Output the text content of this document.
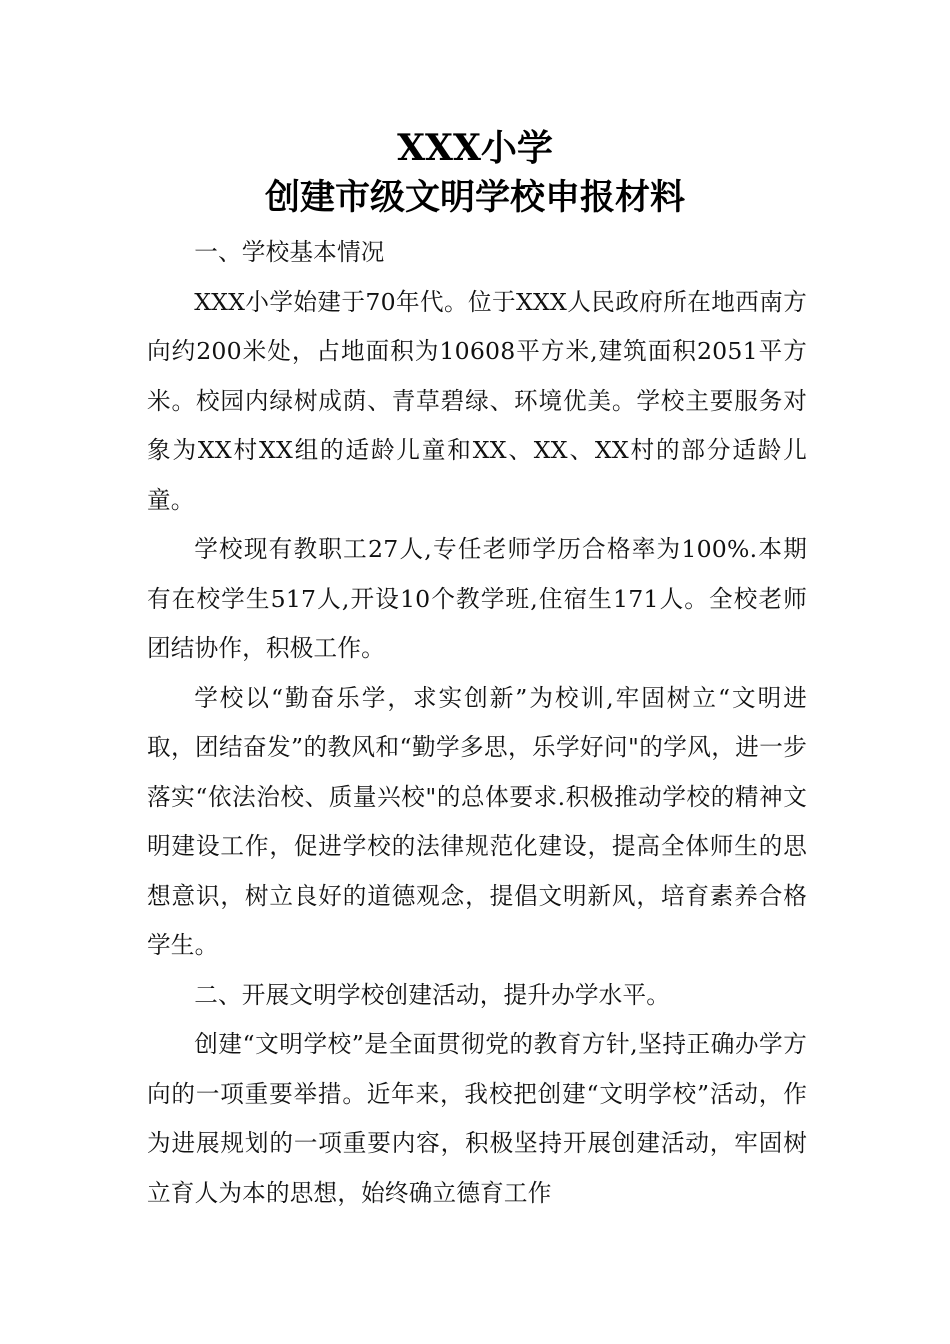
XXX小学
创建市级文明学校申报材料

一、学校基本情况

XXX小学始建于70年代。位于XXX人民政府所在地西南方向约200米处，占地面积为10608平方米,建筑面积2051平方米。校园内绿树成荫、青草碧绿、环境优美。学校主要服务对象为XX村XX组的适龄儿童和XX、XX、XX村的部分适龄儿童。

学校现有教职工27人,专任老师学历合格率为100%.本期有在校学生517人,开设10个教学班,住宿生171人。全校老师团结协作，积极工作。

学校以“勤奋乐学，求实创新”为校训,牢固树立“文明进取，团结奋发”的教风和“勤学多思，乐学好问"的学风，进一步落实“依法治校、质量兴校"的总体要求.积极推动学校的精神文明建设工作，促进学校的法律规范化建设，提高全体师生的思想意识，树立良好的道德观念，提倡文明新风，培育素养合格学生。

二、开展文明学校创建活动，提升办学水平。

创建“文明学校”是全面贯彻党的教育方针,坚持正确办学方向的一项重要举措。近年来，我校把创建“文明学校”活动，作为进展规划的一项重要内容，积极坚持开展创建活动，牢固树立育人为本的思想，始终确立德育工作
